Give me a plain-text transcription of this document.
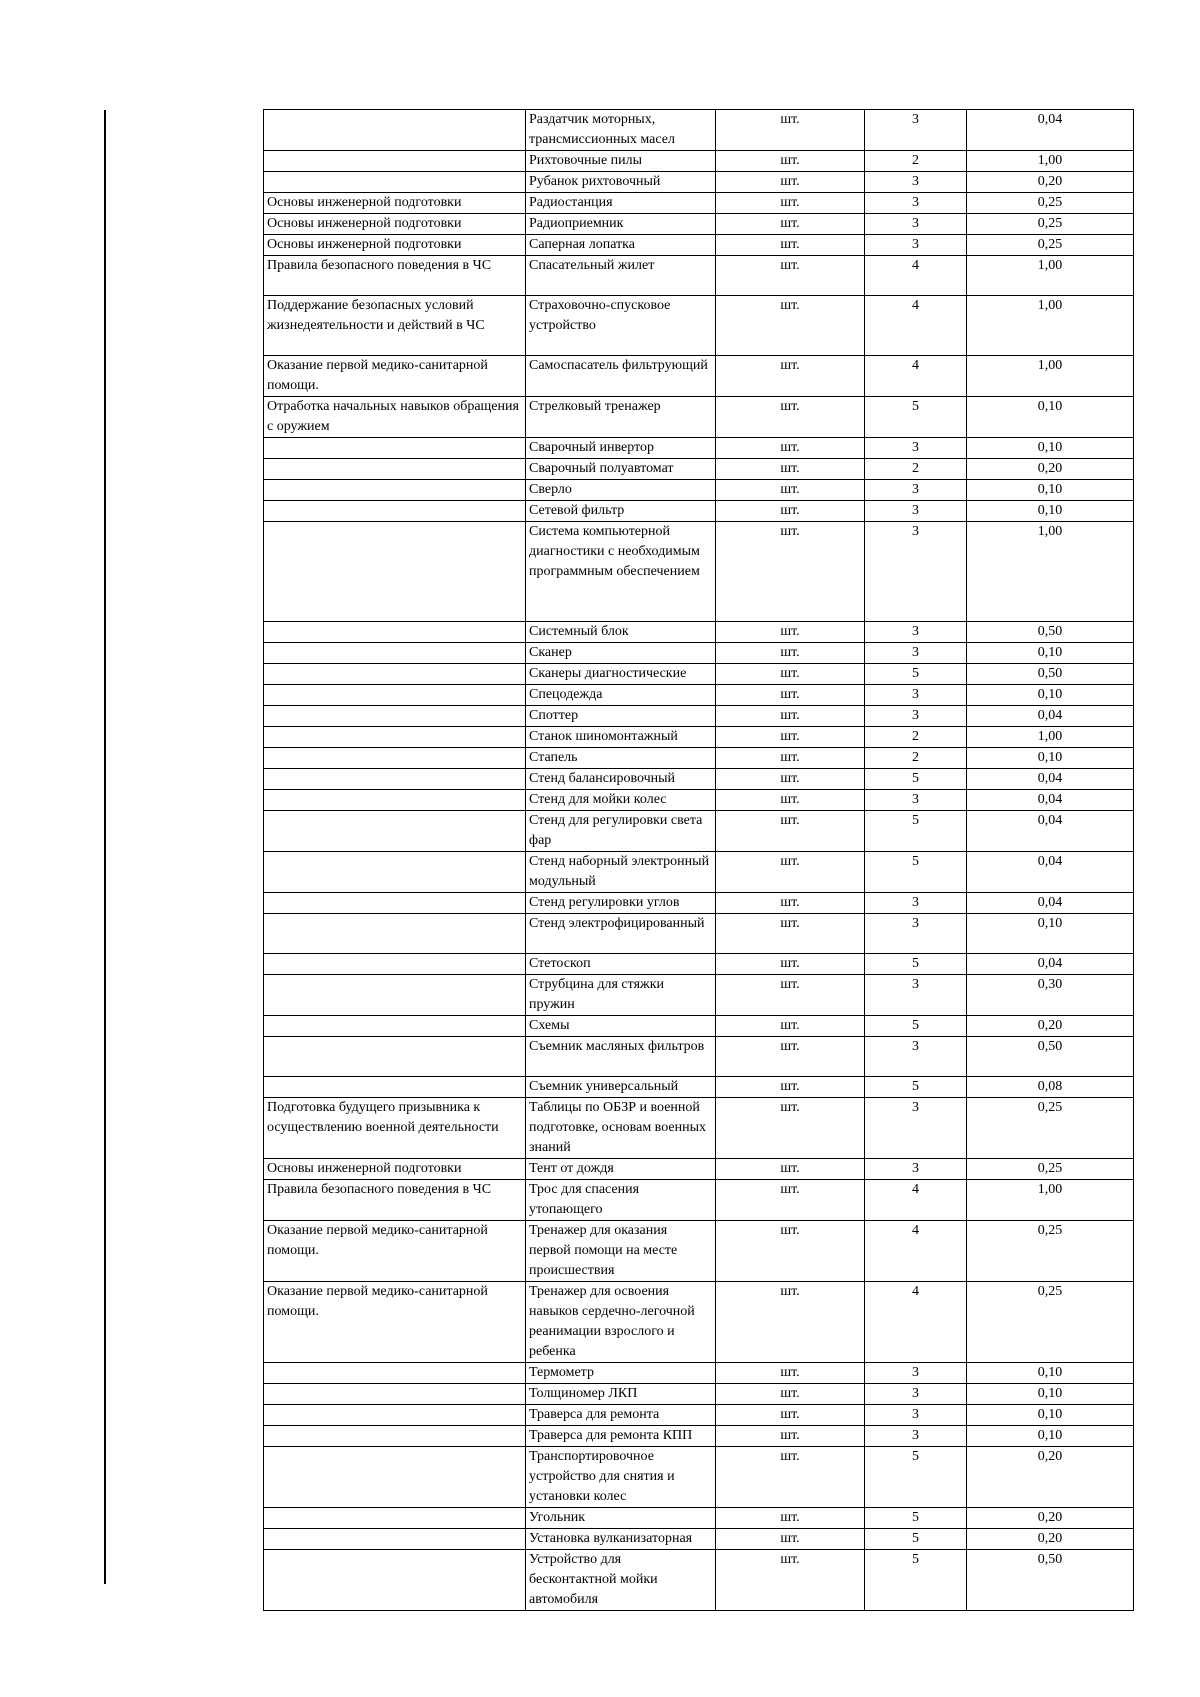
	Раздатчик моторных, трансмиссионных масел	шт.	3	0,04
	Рихтовочные пилы	шт.	2	1,00
	Рубанок рихтовочный	шт.	3	0,20
Основы инженерной подготовки	Радиостанция	шт.	3	0,25
Основы инженерной подготовки	Радиоприемник	шт.	3	0,25
Основы инженерной подготовки	Саперная лопатка	шт.	3	0,25
Правила безопасного поведения в ЧС	Спасательный жилет	шт.	4	1,00
Поддержание безопасных условий жизнедеятельности и действий в ЧС	Страховочно-спусковое устройство	шт.	4	1,00
Оказание первой медико-санитарной помощи.	Самоспасатель фильтрующий	шт.	4	1,00
Отработка начальных навыков обращения с оружием	Стрелковый тренажер	шт.	5	0,10
	Сварочный инвертор	шт.	3	0,10
	Сварочный полуавтомат	шт.	2	0,20
	Сверло	шт.	3	0,10
	Сетевой фильтр	шт.	3	0,10
	Система компьютерной диагностики с необходимым программным обеспечением	шт.	3	1,00
	Системный блок	шт.	3	0,50
	Сканер	шт.	3	0,10
	Сканеры диагностические	шт.	5	0,50
	Спецодежда	шт.	3	0,10
	Споттер	шт.	3	0,04
	Станок шиномонтажный	шт.	2	1,00
	Стапель	шт.	2	0,10
	Стенд балансировочный	шт.	5	0,04
	Стенд для мойки колес	шт.	3	0,04
	Стенд для регулировки света фар	шт.	5	0,04
	Стенд наборный электронный модульный	шт.	5	0,04
	Стенд регулировки углов	шт.	3	0,04
	Стенд электрофицированный	шт.	3	0,10
	Стетоскоп	шт.	5	0,04
	Струбцина для стяжки пружин	шт.	3	0,30
	Схемы	шт.	5	0,20
	Съемник масляных фильтров	шт.	3	0,50
	Съемник универсальный	шт.	5	0,08
Подготовка будущего призывника к осуществлению военной деятельности	Таблицы по ОБЗР и военной подготовке, основам военных знаний	шт.	3	0,25
Основы инженерной подготовки	Тент от дождя	шт.	3	0,25
Правила безопасного поведения в ЧС	Трос для спасения утопающего	шт.	4	1,00
Оказание первой медико-санитарной помощи.	Тренажер для оказания первой помощи на месте происшествия	шт.	4	0,25
Оказание первой медико-санитарной помощи.	Тренажер для освоения навыков сердечно-легочной реанимации взрослого и ребенка	шт.	4	0,25
	Термометр	шт.	3	0,10
	Толщиномер ЛКП	шт.	3	0,10
	Траверса для ремонта	шт.	3	0,10
	Траверса для ремонта КПП	шт.	3	0,10
	Транспортировочное устройство для снятия и установки колес	шт.	5	0,20
	Угольник	шт.	5	0,20
	Установка вулканизаторная	шт.	5	0,20
	Устройство для бесконтактной мойки автомобиля	шт.	5	0,50
